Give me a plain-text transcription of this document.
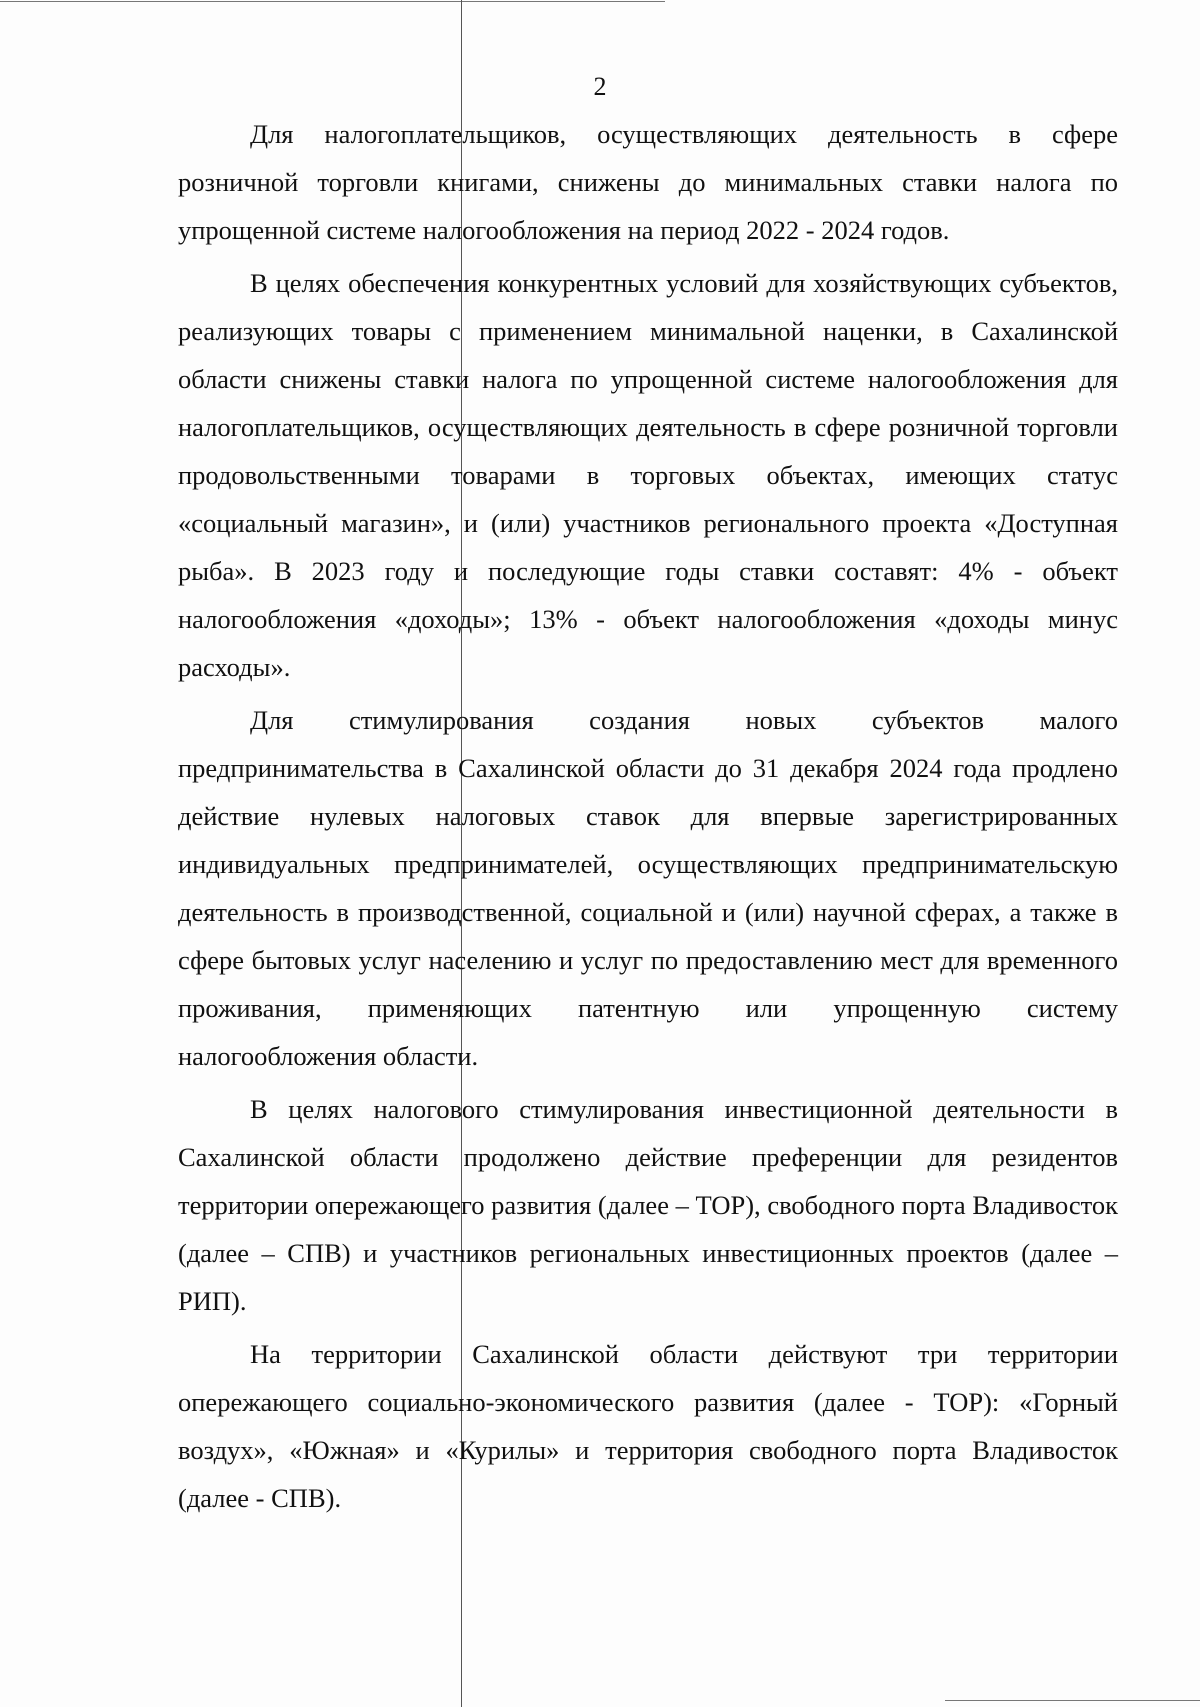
2

Для налогоплательщиков, осуществляющих деятельность в сфере розничной торговли книгами, снижены до минимальных ставки налога по упрощенной системе налогообложения на период 2022 - 2024 годов.

В целях обеспечения конкурентных условий для хозяйствующих субъектов, реализующих товары с применением минимальной наценки, в Сахалинской области снижены ставки налога по упрощенной системе налогообложения для налогоплательщиков, осуществляющих деятельность в сфере розничной торговли продовольственными товарами в торговых объектах, имеющих статус «социальный магазин», и (или) участников регионального проекта «Доступная рыба». В 2023 году и последующие годы ставки составят: 4% - объект налогообложения «доходы»; 13% - объект налогообложения «доходы минус расходы».

Для стимулирования создания новых субъектов малого предпринимательства в Сахалинской области до 31 декабря 2024 года продлено действие нулевых налоговых ставок для впервые зарегистрированных индивидуальных предпринимателей, осуществляющих предпринимательскую деятельность в производственной, социальной и (или) научной сферах, а также в сфере бытовых услуг населению и услуг по предоставлению мест для временного проживания, применяющих патентную или упрощенную систему налогообложения области.

В целях налогового стимулирования инвестиционной деятельности в Сахалинской области продолжено действие преференции для резидентов территории опережающего развития (далее – ТОР), свободного порта Владивосток (далее – СПВ) и участников региональных инвестиционных проектов (далее – РИП).

На территории Сахалинской области действуют три территории опережающего социально-экономического развития (далее - ТОР): «Горный воздух», «Южная» и «Курилы» и территория свободного порта Владивосток (далее - СПВ).
